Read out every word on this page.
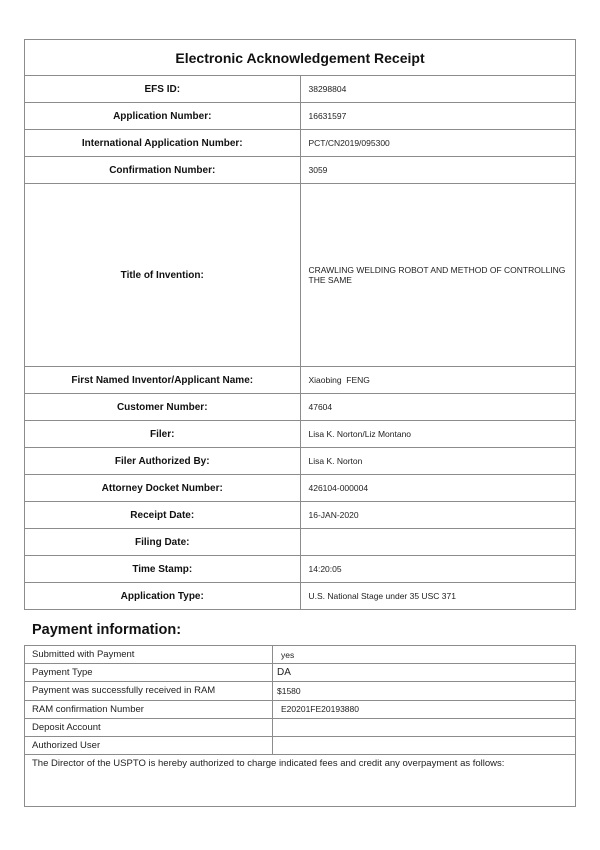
Electronic Acknowledgement Receipt	
EFS ID:	38298804
Application Number:	16631597
International Application Number:	PCT/CN2019/095300
Confirmation Number:	3059
Title of Invention:	CRAWLING WELDING ROBOT AND METHOD OF CONTROLLING THE SAME
First Named Inventor/Applicant Name:	Xiaobing  FENG
Customer Number:	47604
Filer:	Lisa K. Norton/Liz Montano
Filer Authorized By:	Lisa K. Norton
Attorney Docket Number:	426104-000004
Receipt Date:	16-JAN-2020
Filing Date:	
Time Stamp:	14:20:05
Application Type:	U.S. National Stage under 35 USC 371
Payment information:
Submitted with Payment	yes
Payment Type	DA
Payment was successfully received in RAM	$1580
RAM confirmation Number	E20201FE20193880
Deposit Account	
Authorized User	
The Director of the USPTO is hereby authorized to charge indicated fees and credit any overpayment as follows:	
